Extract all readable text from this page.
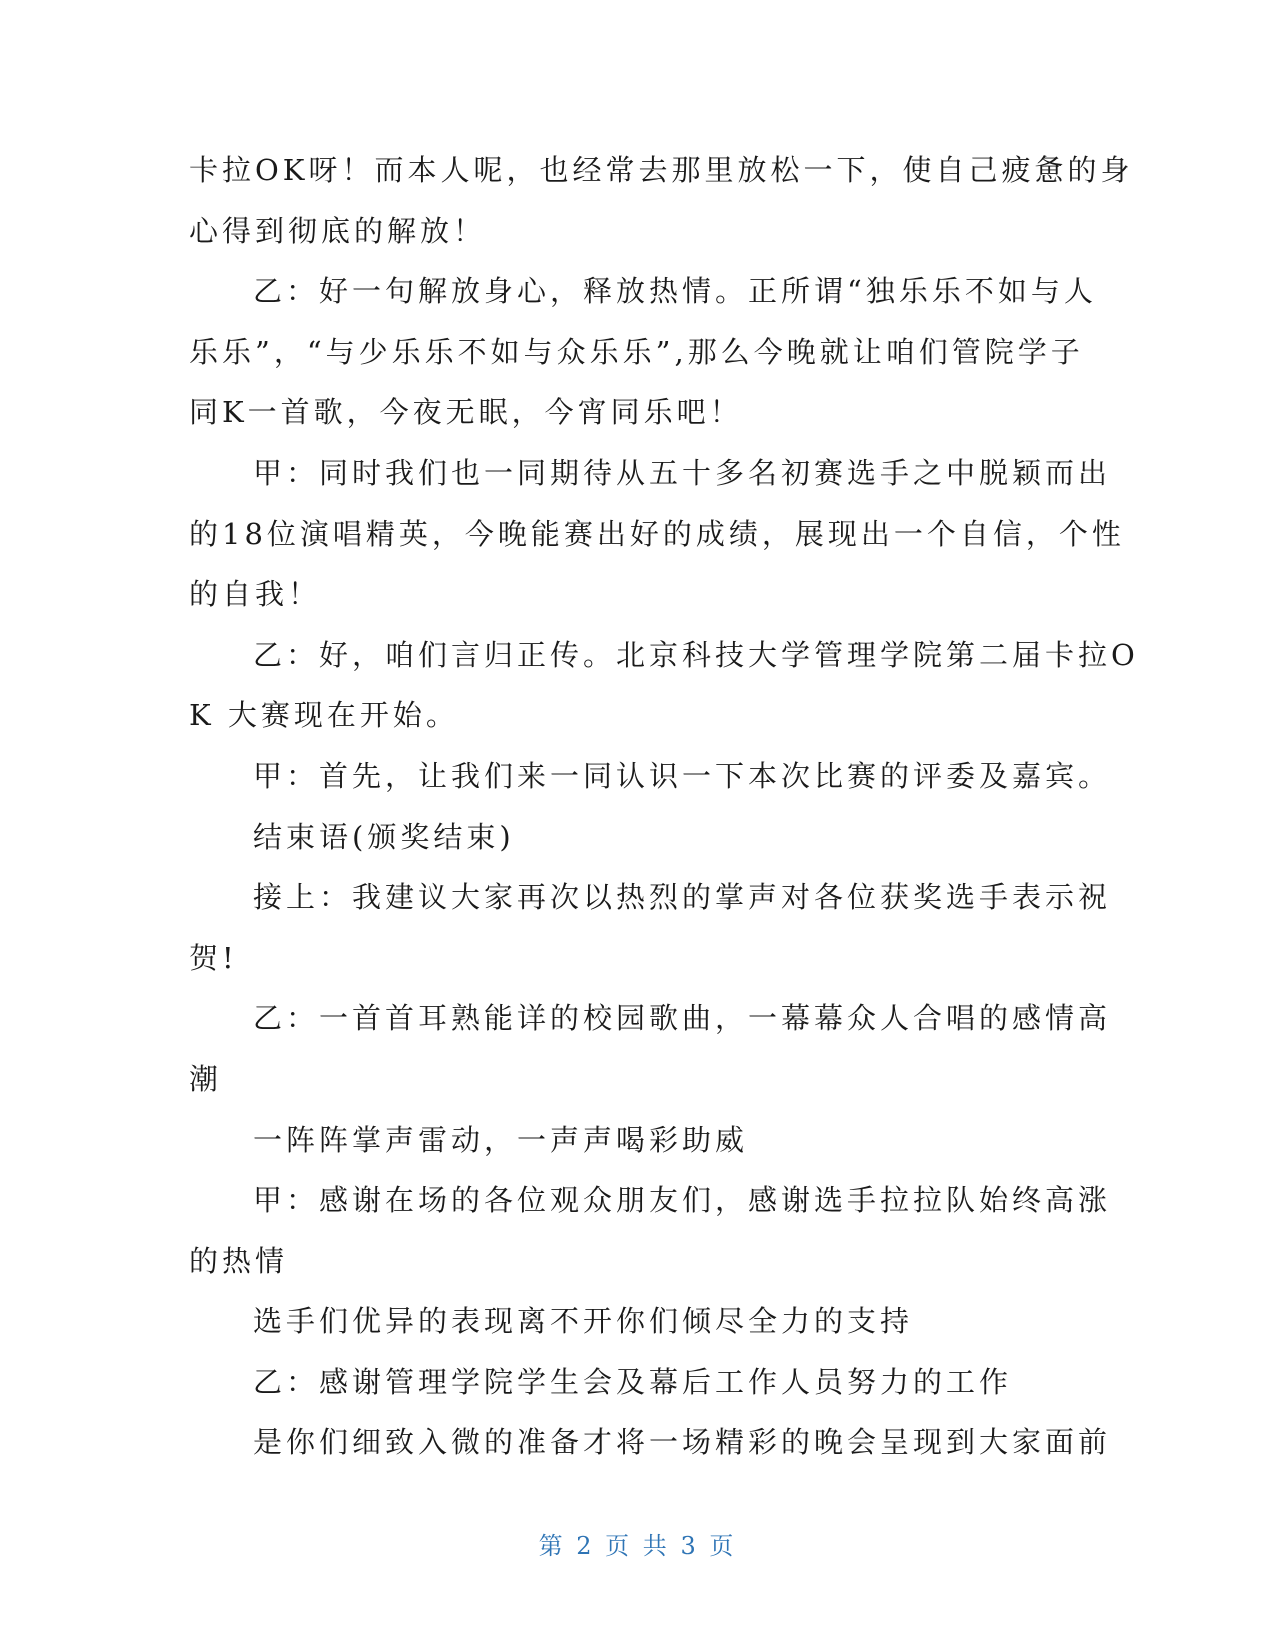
卡拉OK呀！而本人呢，也经常去那里放松一下，使自己疲惫的身
心得到彻底的解放！
乙：好一句解放身心，释放热情。正所谓“独乐乐不如与人
乐乐”，“与少乐乐不如与众乐乐”,那么今晚就让咱们管院学子
同K一首歌，今夜无眠，今宵同乐吧！
甲：同时我们也一同期待从五十多名初赛选手之中脱颖而出
的18位演唱精英，今晚能赛出好的成绩，展现出一个自信，个性
的自我！
乙：好，咱们言归正传。北京科技大学管理学院第二届卡拉O
K 大赛现在开始。
甲：首先，让我们来一同认识一下本次比赛的评委及嘉宾。
结束语(颁奖结束)
接上：我建议大家再次以热烈的掌声对各位获奖选手表示祝
贺!
乙：一首首耳熟能详的校园歌曲，一幕幕众人合唱的感情高
潮
一阵阵掌声雷动，一声声喝彩助威
甲：感谢在场的各位观众朋友们，感谢选手拉拉队始终高涨
的热情
选手们优异的表现离不开你们倾尽全力的支持
乙：感谢管理学院学生会及幕后工作人员努力的工作
是你们细致入微的准备才将一场精彩的晚会呈现到大家面前
第 2 页 共 3 页
